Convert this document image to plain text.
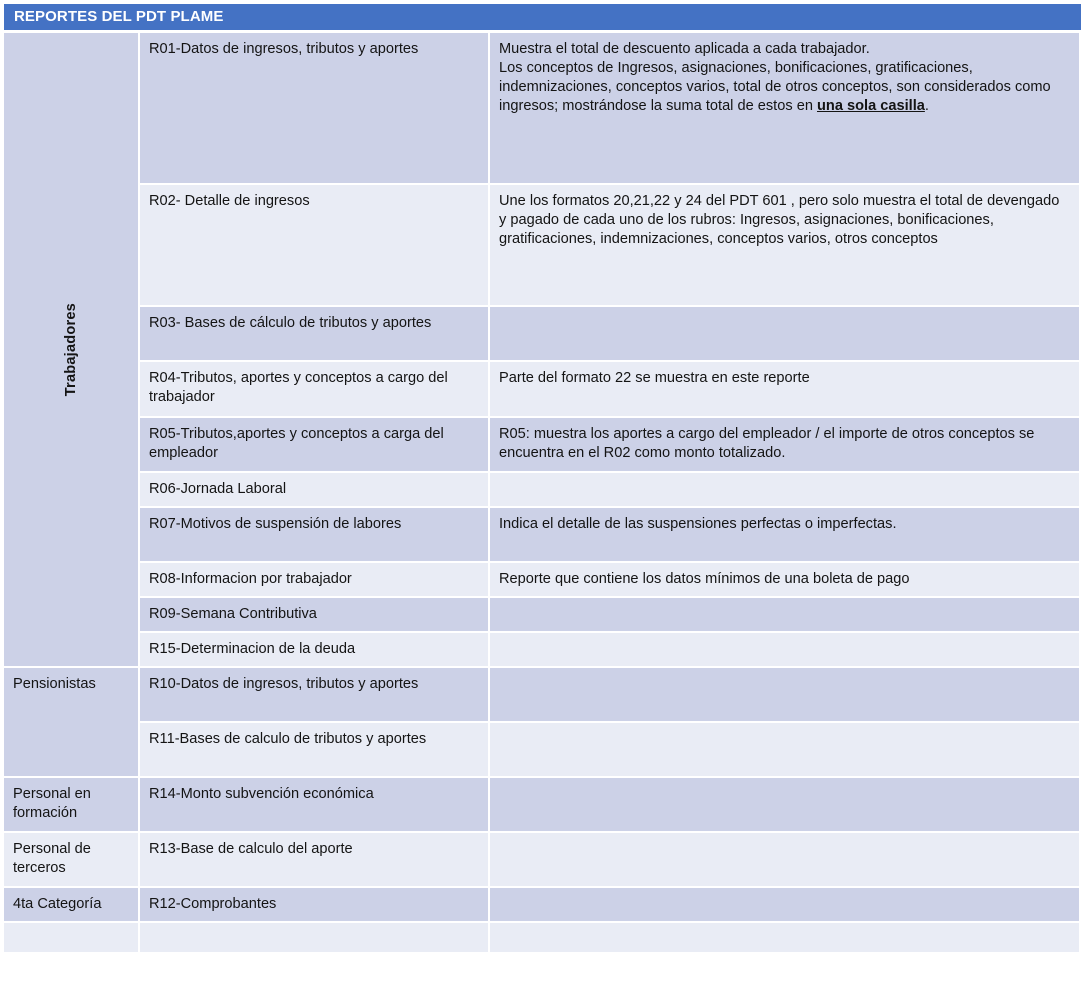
REPORTES DEL PDT PLAME
Trabajadores	R01-Datos de ingresos, tributos y aportes	Muestra el total de descuento aplicada a cada trabajador.
Los conceptos de Ingresos, asignaciones, bonificaciones, gratificaciones, indemnizaciones, conceptos varios, total de otros conceptos, son considerados como ingresos; mostrándose la suma total de estos en una sola casilla.
	R02- Detalle de ingresos	Une los formatos 20,21,22 y 24 del PDT 601 , pero solo muestra el total de devengado y pagado de cada uno de los rubros: Ingresos, asignaciones, bonificaciones, gratificaciones, indemnizaciones, conceptos varios, otros conceptos
	R03- Bases de cálculo de tributos y aportes	
	R04-Tributos, aportes y conceptos a cargo del trabajador	Parte del formato 22 se muestra en este reporte
	R05-Tributos,aportes y conceptos a carga del empleador	R05: muestra los aportes a cargo del empleador / el importe de otros conceptos se encuentra en el R02 como monto totalizado.
	R06-Jornada Laboral	
	R07-Motivos de suspensión de labores	Indica el detalle de las suspensiones perfectas o imperfectas.
	R08-Informacion por trabajador	Reporte que contiene los datos mínimos de una boleta de pago
	R09-Semana Contributiva	
	R15-Determinacion de la deuda	
Pensionistas	R10-Datos de ingresos, tributos y aportes	
	R11-Bases de calculo de tributos y aportes	
Personal en formación	R14-Monto subvención económica	
Personal de terceros	R13-Base de calculo del aporte	
4ta Categoría	R12-Comprobantes	
